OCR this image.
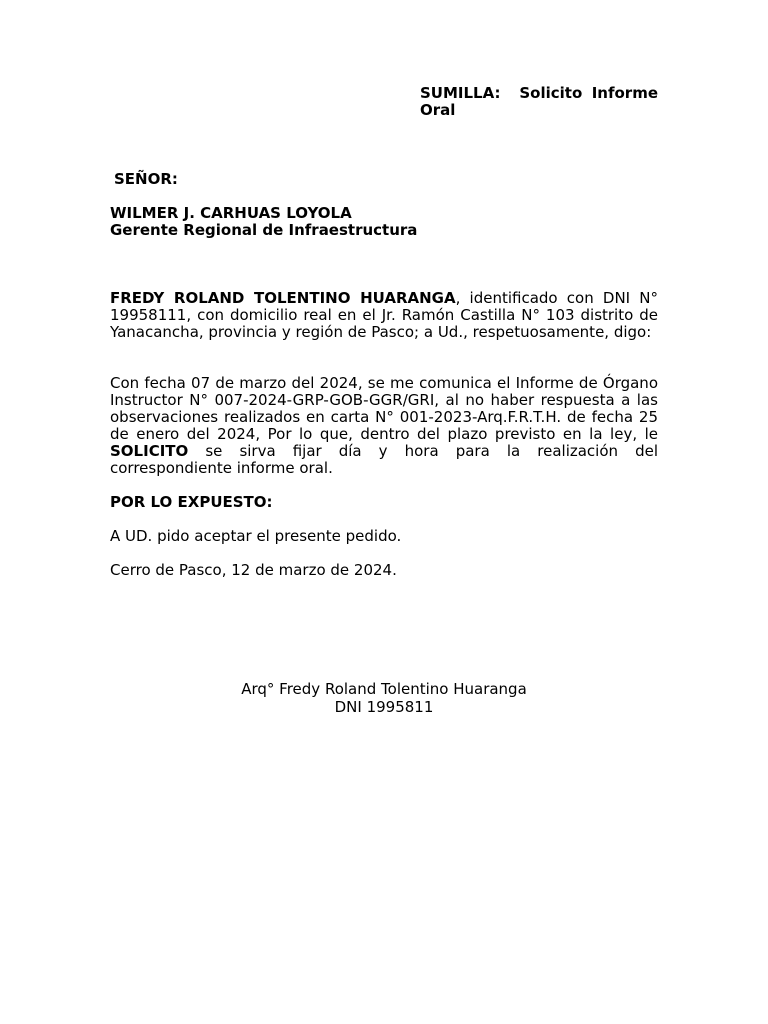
SUMILLA: Solicito Informe Oral
SEÑOR:
WILMER J. CARHUAS LOYOLA
Gerente Regional de Infraestructura
FREDY ROLAND TOLENTINO HUARANGA, identificado con DNI N° 19958111, con domicilio real en el Jr. Ramón Castilla N° 103 distrito de Yanacancha, provincia y región de Pasco; a Ud., respetuosamente, digo:
Con fecha 07 de marzo del 2024, se me comunica el Informe de Órgano Instructor N° 007-2024-GRP-GOB-GGR/GRI, al no haber respuesta a las observaciones realizados en carta N° 001-2023-Arq.F.R.T.H. de fecha 25 de enero del 2024, Por lo que, dentro del plazo previsto en la ley, le SOLICITO se sirva fijar día y hora para la realización del correspondiente informe oral.
POR LO EXPUESTO:
A UD. pido aceptar el presente pedido.
Cerro de Pasco, 12 de marzo de 2024.
Arq° Fredy Roland Tolentino Huaranga
DNI 1995811
